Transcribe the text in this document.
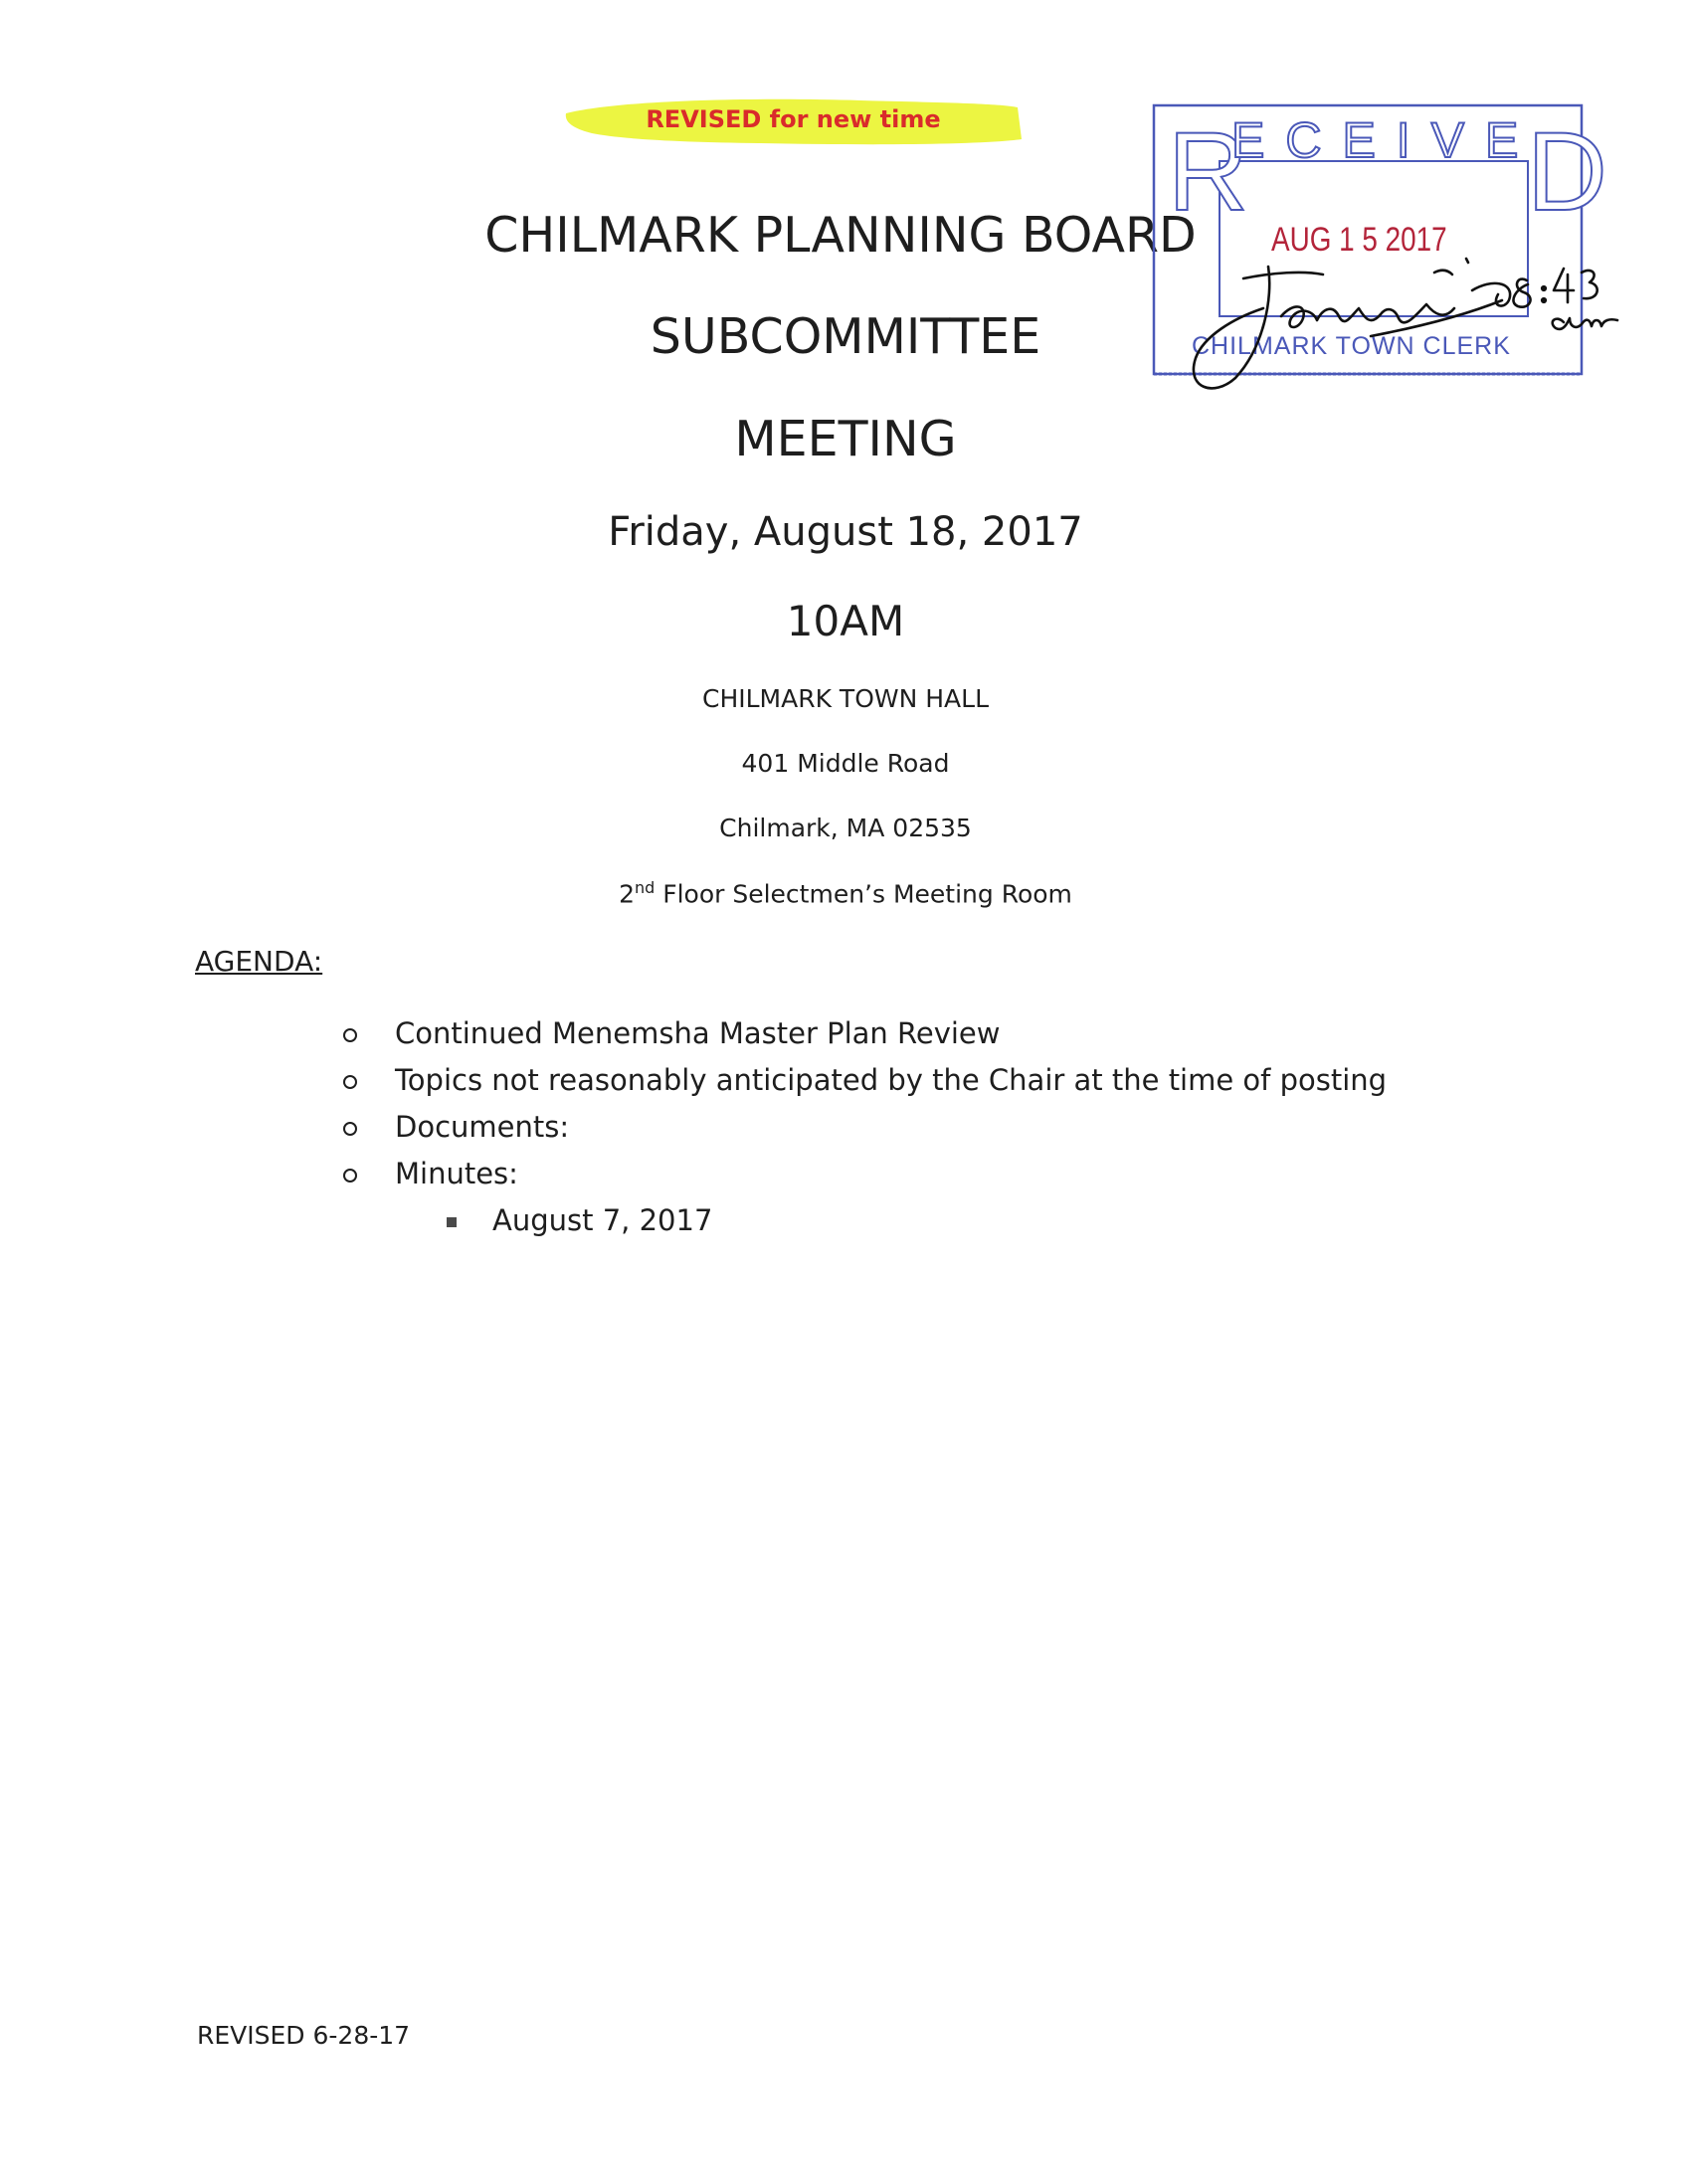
REVISED for new time
CHILMARK PLANNING BOARD
SUBCOMMITTEE
MEETING
Friday, August 18, 2017
10AM
CHILMARK TOWN HALL
401 Middle Road
Chilmark, MA 02535
2nd Floor Selectmen’s Meeting Room
AGENDA:
Continued Menemsha Master Plan Review
Topics not reasonably anticipated by the Chair at the time of posting
Documents:
Minutes:
August 7, 2017
REVISED 6-28-17
R
ECEIVE
D
AUG 1 5 2017
CHILMARK TOWN CLERK
